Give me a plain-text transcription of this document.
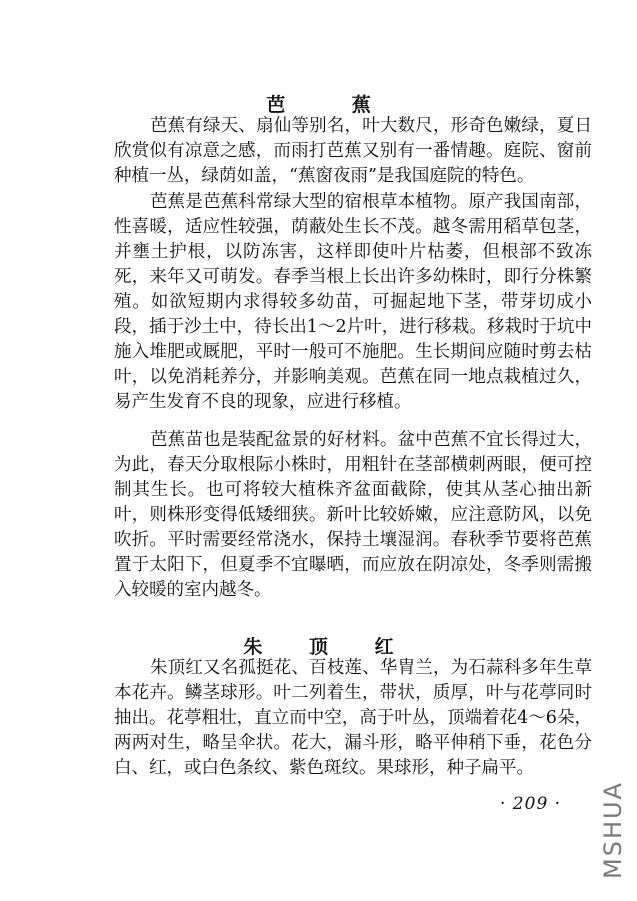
芭 蕉

芭蕉有绿天、扇仙等别名，叶大数尺，形奇色嫩绿，夏日欣赏似有凉意之感，而雨打芭蕉又别有一番情趣。庭院、窗前种植一丛，绿荫如盖，“蕉窗夜雨”是我国庭院的特色。

芭蕉是芭蕉科常绿大型的宿根草本植物。原产我国南部，性喜暖，适应性较强，荫蔽处生长不茂。越冬需用稻草包茎，并壅土护根，以防冻害，这样即使叶片枯萎，但根部不致冻死，来年又可萌发。春季当根上长出许多幼株时，即行分株繁殖。如欲短期内求得较多幼苗，可掘起地下茎，带芽切成小段，插于沙土中，待长出1～2片叶，进行移栽。移栽时于坑中施入堆肥或厩肥，平时一般可不施肥。生长期间应随时剪去枯叶，以免消耗养分，并影响美观。芭蕉在同一地点栽植过久，易产生发育不良的现象，应进行移植。

芭蕉苗也是装配盆景的好材料。盆中芭蕉不宜长得过大，为此，春天分取根际小株时，用粗针在茎部横刺两眼，便可控制其生长。也可将较大植株齐盆面截除，使其从茎心抽出新叶，则株形变得低矮细狭。新叶比较娇嫩，应注意防风，以免吹折。平时需要经常浇水，保持土壤湿润。春秋季节要将芭蕉置于太阳下，但夏季不宜曝晒，而应放在阴凉处，冬季则需搬入较暖的室内越冬。

朱 顶 红

朱顶红又名孤挺花、百枝莲、华胄兰，为石蒜科多年生草本花卉。鳞茎球形。叶二列着生，带状，质厚，叶与花葶同时抽出。花葶粗壮，直立而中空，高于叶丛，顶端着花4～6朵，两两对生，略呈伞状。花大，漏斗形，略平伸稍下垂，花色分白、红，或白色条纹、紫色斑纹。果球形，种子扁平。

· 209 · MSHUA
